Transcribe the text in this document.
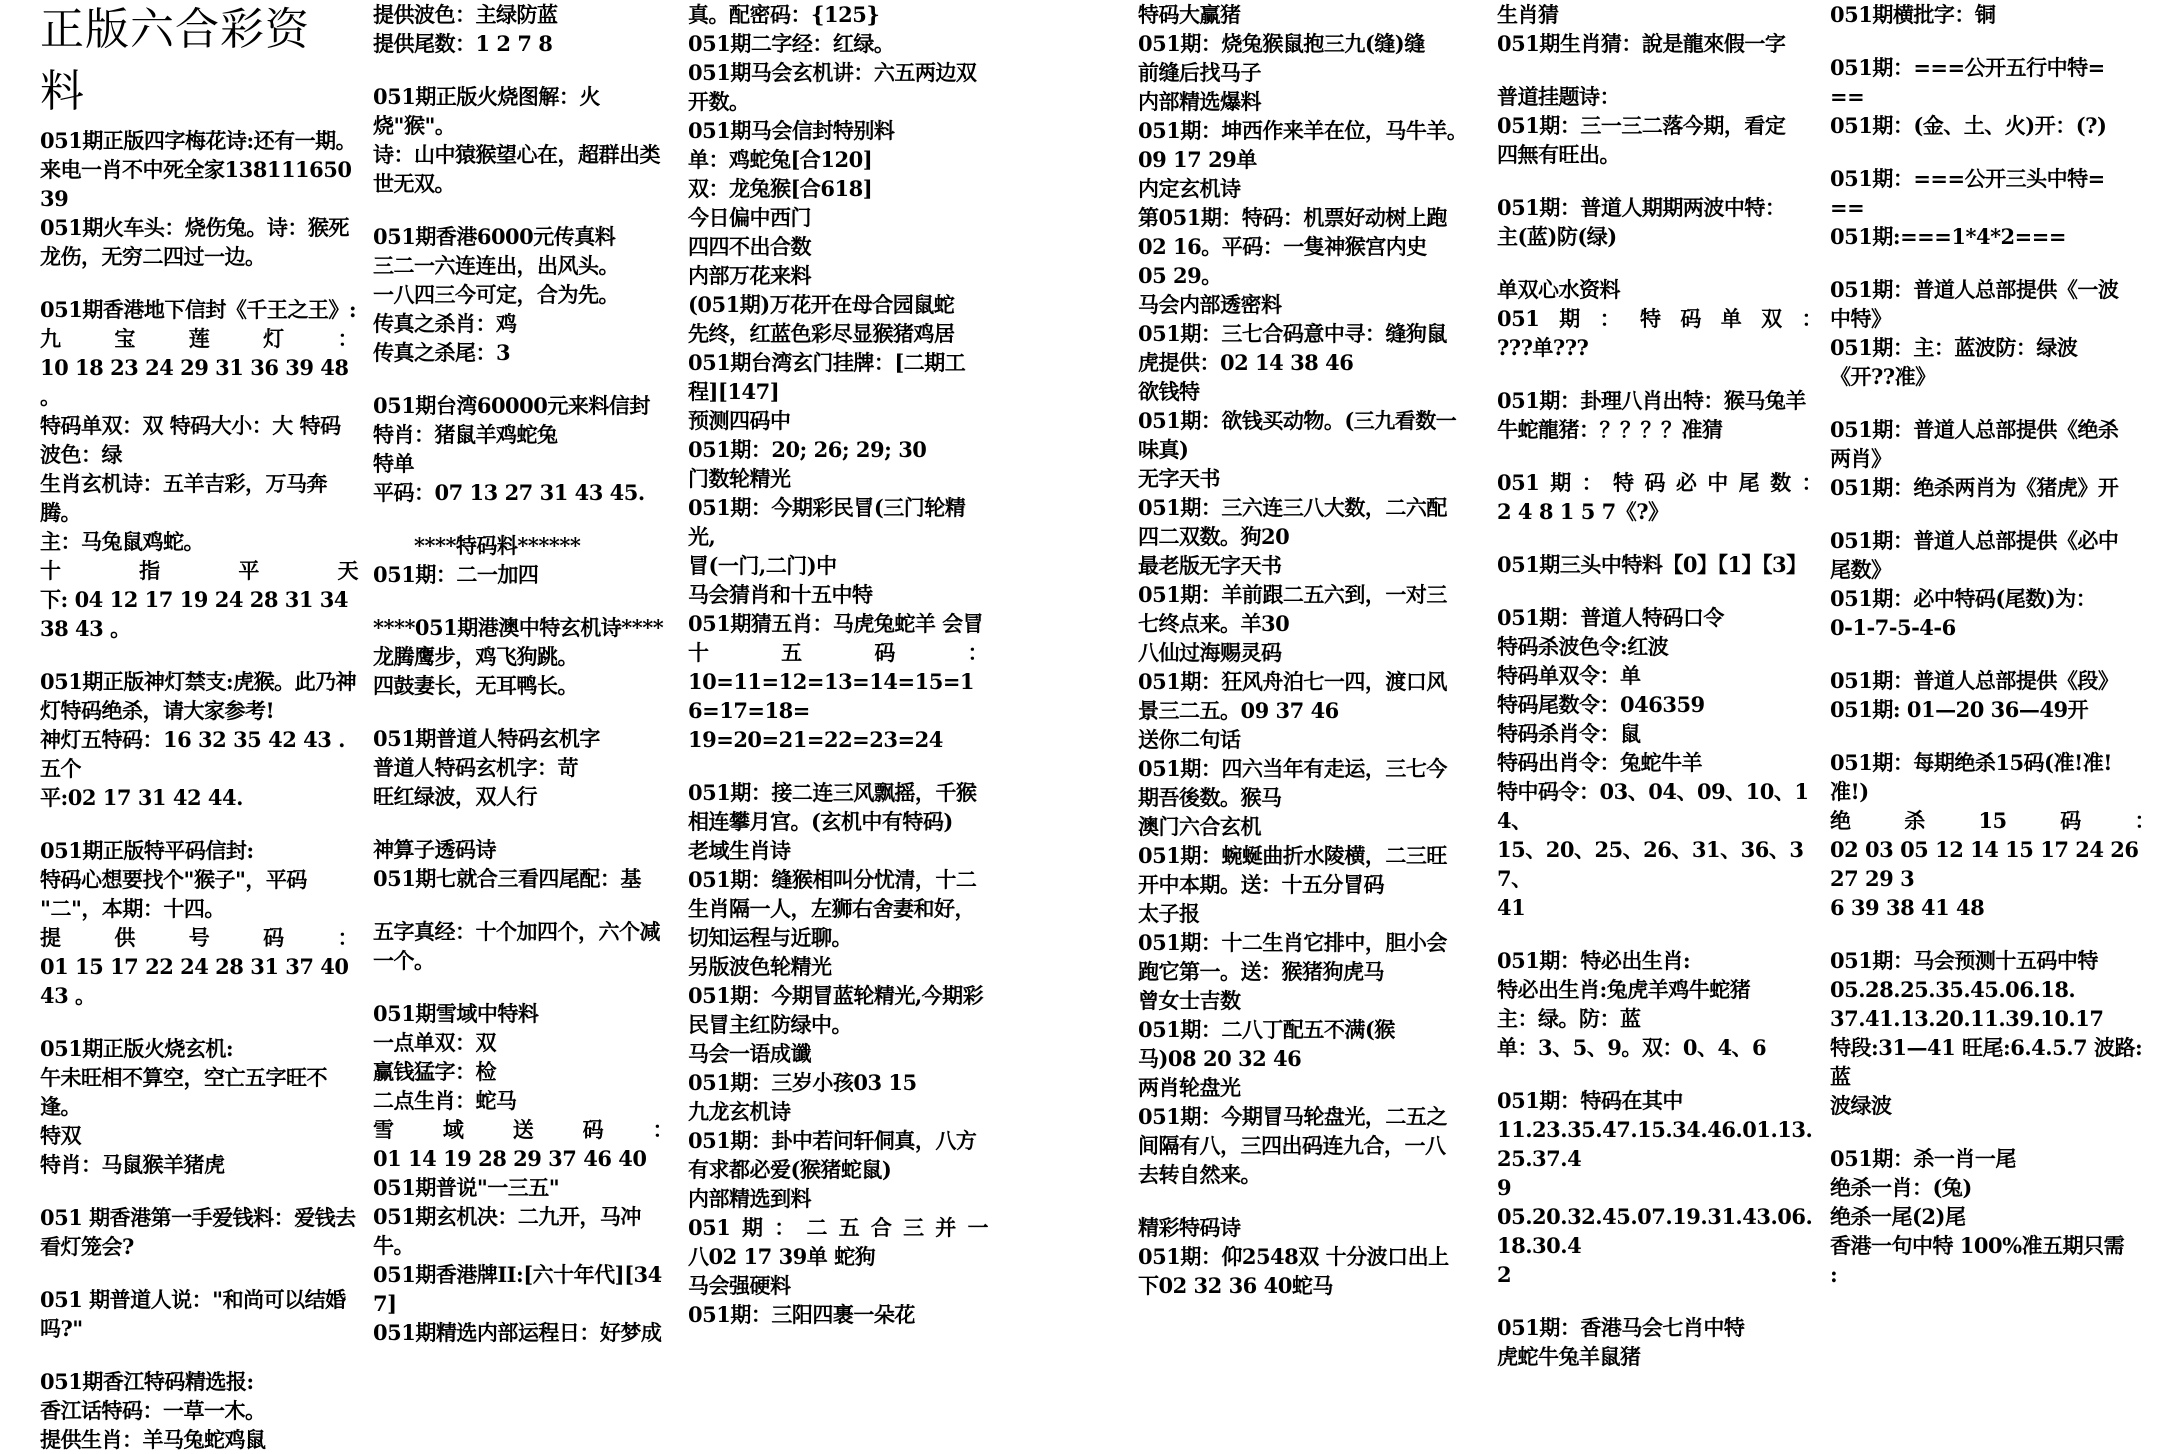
正版六合彩资

料

051期正版四字梅花诗:还有一期。

来电一肖不中死全家13811165039

051期火车头：烧伤兔。诗：猴死

龙伤，无穷二四过一边。

051期香港地下信封《千王之王》:

九宝莲灯：

10 18 23 24 29 31 36 39 48 。

特码单双：双 特码大小：大 特码

波色：绿

生肖玄机诗：五羊吉彩，万马奔腾。

主：马兔鼠鸡蛇。

十指平天

下: 04 12 17 19 24 28 31 34 38 43 。

051期正版神灯禁支:虎猴。此乃神

灯特码绝杀，请大家参考!

神灯五特码：16 32 35 42 43 .五个

平:02 17 31 42 44.

051期正版特平码信封:

特码心想要找个"猴子"，平码

"二"，本期：十四。

提供号码：

01 15 17 22 24 28 31 37 40 43 。

051期正版火烧玄机:

午未旺相不算空，空亡五字旺不

逢。

特双

特肖：马鼠猴羊猪虎

051 期香港第一手爱钱料：爱钱去

看灯笼会?

051 期普道人说："和尚可以结婚

吗?"

051期香江特码精选报:

香江话特码：一草一木。

提供生肖：羊马兔蛇鸡鼠

提供波色：主绿防蓝

提供尾数：1 2 7 8

051期正版火烧图解：火烧"猴"。

诗：山中猿猴望心在，超群出类

世无双。

051期香港6000元传真料

三二一六连连出，出风头。

一八四三今可定，合为先。

传真之杀肖：鸡

传真之杀尾：3

051期台湾60000元来料信封

特肖：猪鼠羊鸡蛇兔

特单

平码：07 13 27 31 43 45.

　　****特码料******

051期：二一加四

****051期港澳中特玄机诗****

龙腾鹰步，鸡飞狗跳。

四鼓妻长，无耳鸭长。

051期普道人特码玄机字

普道人特码玄机字：苛

旺红绿波，双人行

神算子透码诗

051期七就合三看四尾配：基

五字真经：十个加四个，六个减

一个。

051期雪域中特料

一点单双：双

赢钱猛字：检

二点生肖：蛇马

雪域送码：

01 14 19 28 29 37 46 40

051期普说"一三五"

051期玄机决：二九开，马冲牛。

051期香港牌II:[六十年代][347]

051期精选内部运程日：好梦成

真。配密码：{125}

051期二字经：红绿。

051期马会玄机讲：六五两边双

开数。

051期马会信封特别料

单：鸡蛇兔[合120]

双：龙兔猴[合618]

今日偏中西门

四四不出合数

内部万花来料

(051期)万花开在母合园鼠蛇

先终，红蓝色彩尽显猴猪鸡居

051期台湾玄门挂牌：[二期工

程][147]

预测四码中

051期：20; 26; 29; 30

门数轮精光

051期：今期彩民冒(三门轮精光,

冒(一门,二门)中

马会猜肖和十五中特

051期猜五肖：马虎兔蛇羊 会冒

十五码：

10=11=12=13=14=15=16=17=18=

19=20=21=22=23=24

051期：接二连三风飘摇，千猴

相连攀月宫。(玄机中有特码)

老域生肖诗

051期：缝猴相叫分忧清，十二

生肖隔一人，左狮右舍妻和好，

切知运程与近聊。

另版波色轮精光

051期：今期冒蓝轮精光,今期彩

民冒主红防绿中。

马会一语成谶

051期：三岁小孩03 15

九龙玄机诗

051期：卦中若问轩侗真，八方

有求都必爱(猴猪蛇鼠)

内部精选到料

051期：二五合三并一

八02 17 39单 蛇狗

马会强硬料

051期：三阳四裹一朵花

特码大赢猪

051期：烧兔猴鼠抱三九(缝)缝

前缝后找马子

内部精选爆料

051期：坤西作来羊在位，马牛羊。

09 17 29单

内定玄机诗

第051期：特码：机票好动树上跑

02 16。平码：一隻神猴宫内史

05 29。

马会内部透密料

051期：三七合码意中寻：缝狗鼠

虎提供：02 14 38 46

欲钱特

051期：欲钱买动物。(三九看数一

味真)

无字天书

051期：三六连三八大数，二六配

四二双数。狗20

最老版无字天书

051期：羊前跟二五六到，一对三

七终点来。羊30

八仙过海赐灵码

051期：狂风舟泊七一四，渡口风

景三二五。09 37 46

送你二句话

051期：四六当年有走运，三七今

期吾後数。猴马

澳门六合玄机

051期：蜿蜒曲折水陵横，二三旺

开中本期。送：十五分冒码

太子报

051期：十二生肖它排中，胆小会

跑它第一。送：猴猪狗虎马

曾女士吉数

051期：二八丁配五不满(猴

马)08 20 32 46

两肖轮盘光

051期：今期冒马轮盘光，二五之

间隔有八，三四出码连九合，一八

去转自然来。

精彩特码诗

051期：仰2548双 十分波口出上

下02 32 36 40蛇马

生肖猜

051期生肖猜：說是龍來假一字

普道挂题诗：

051期：三一三二落今期，看定

四無有旺出。

051期：普道人期期两波中特：

主(蓝)防(绿)

单双心水资料

051期：特码单双：

???单???

051期：卦理八肖出特：猴马兔羊

牛蛇龍猪：？？？？准猜

051期：特码必中尾数：

2 4 8 1 5 7《?》

051期三头中特料【0】【1】【3】

051期：普道人特码口令

特码杀波色令:红波

特码单双令：单

特码尾数令：046359

特码杀肖令：鼠

特码出肖令：兔蛇牛羊

特中码令：03、04、09、10、14、

15、20、25、26、31、36、37、

41

051期：特必出生肖:

特必出生肖:兔虎羊鸡牛蛇猪

主：绿。防：蓝

单：3、5、9。双：0、4、6

051期：特码在其中

11.23.35.47.15.34.46.01.13.25.37.4

9

05.20.32.45.07.19.31.43.06.18.30.4

2

051期：香港马会七肖中特

虎蛇牛兔羊鼠猪

051期横批字：铜

051期：===公开五行中特=

==

051期：(金、土、火)开：(?)

051期：===公开三头中特=

==

051期:===1*4*2===

051期：普道人总部提供《一波

中特》

051期：主：蓝波防：绿波

《开??准》

051期：普道人总部提供《绝杀

两肖》

051期：绝杀两肖为《猪虎》开

051期：普道人总部提供《必中

尾数》

051期：必中特码(尾数)为：

0-1-7-5-4-6

051期：普道人总部提供《段》

051期: 01—20 36—49开

051期：每期绝杀15码(准!准!

准!)

绝杀15码：

02 03 05 12 14 15 17 24 26 27 29 3

6 39 38 41 48

051期：马会预测十五码中特

05.28.25.35.45.06.18.

37.41.13.20.11.39.10.17

特段:31—41 旺尾:6.4.5.7 波路:蓝

波绿波

051期：杀一肖一尾

绝杀一肖：(兔)

绝杀一尾(2)尾

香港一句中特 100%准五期只需

:
